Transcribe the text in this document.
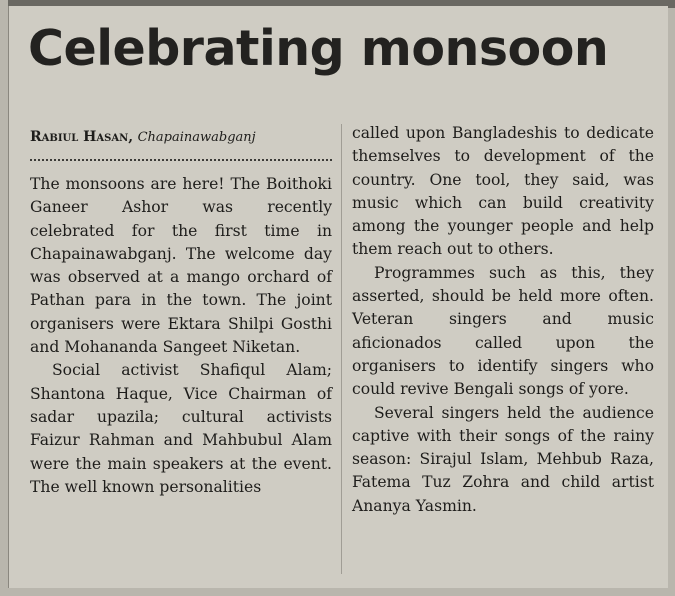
Celebrating monsoon
Rabiul Hasan, Chapainawabganj

The monsoons are here! The Boithoki Ganeer Ashor was recently celebrated for the first time in Chapainawabganj. The welcome day was observed at a mango orchard of Pathan para in the town. The joint organisers were Ektara Shilpi Gosthi and Mohananda Sangeet Niketan.

Social activist Shafiqul Alam; Shantona Haque, Vice Chairman of sadar upazila; cultural activists Faizur Rahman and Mahbubul Alam were the main speakers at the event. The well known personalities

called upon Bangladeshis to dedicate themselves to development of the country. One tool, they said, was music which can build creativity among the younger people and help them reach out to others.

Programmes such as this, they asserted, should be held more often. Veteran singers and music aficionados called upon the organisers to identify singers who could revive Bengali songs of yore.

Several singers held the audience captive with their songs of the rainy season: Sirajul Islam, Mehbub Raza, Fatema Tuz Zohra and child artist Ananya Yasmin.
